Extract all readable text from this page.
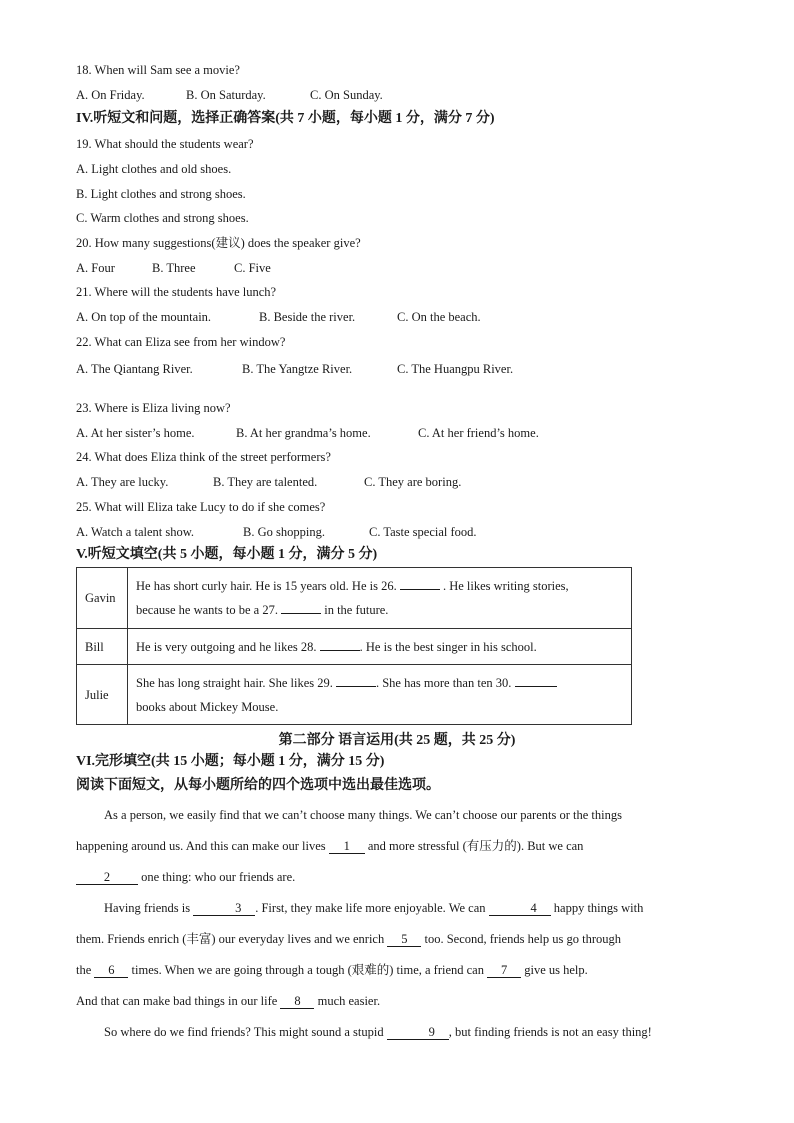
18. When will Sam see a movie?
A. On Friday.	B. On Saturday.	C. On Sunday.
IV.听短文和问题，选择正确答案(共 7 小题，每小题 1 分，满分 7 分)
19. What should the students wear?
A. Light clothes and old shoes.
B. Light clothes and strong shoes.
C. Warm clothes and strong shoes.
20. How many suggestions(建议) does the speaker give?
A. Four	B. Three	C. Five
21. Where will the students have lunch?
A. On top of the mountain.	B. Beside the river.	C. On the beach.
22. What can Eliza see from her window?
A. The Qiantang River.	B. The Yangtze River.	C. The Huangpu River.
23. Where is Eliza living now?
A. At her sister’s home.	B. At her grandma’s home.	C. At her friend’s home.
24. What does Eliza think of the street performers?
A. They are lucky.	B. They are talented.	C. They are boring.
25. What will Eliza take Lucy to do if she comes?
A. Watch a talent show.	B. Go shopping.	C. Taste special food.
V.听短文填空(共 5 小题，每小题 1 分，满分 5 分)
Gavin	He has short curly hair. He is 15 years old. He is 26. . He likes writing stories,
because he wants to be a 27. in the future.

Bill	He is very outgoing and he likes 28. . He is the best singer in his school.
Julie	She has long straight hair. She likes 29. . She has more than ten 30.
books about Mickey Mouse.
第二部分 语言运用(共 25 题，共 25 分)
VI.完形填空(共 15 小题；每小题 1 分，满分 15 分)
阅读下面短文，从每小题所给的四个选项中选出最佳选项。

As a person, we easily find that we can’t choose many things. We can’t choose our parents or the things

happening around us. And this can make our lives 1 and more stressful (有压力的). But we can

2 one thing: who our friends are.

Having friends is	3 . First, they make life more enjoyable. We can	4 happy things with

them. Friends enrich (丰富) our everyday lives and we enrich 5 too. Second, friends help us go through

the 6 times. When we are going through a tough (艰难的) time, a friend can 7 give us help.

And that can make bad things in our life 8 much easier.

So where do we find friends? This might sound a stupid	9 , but finding friends is not an easy thing!
